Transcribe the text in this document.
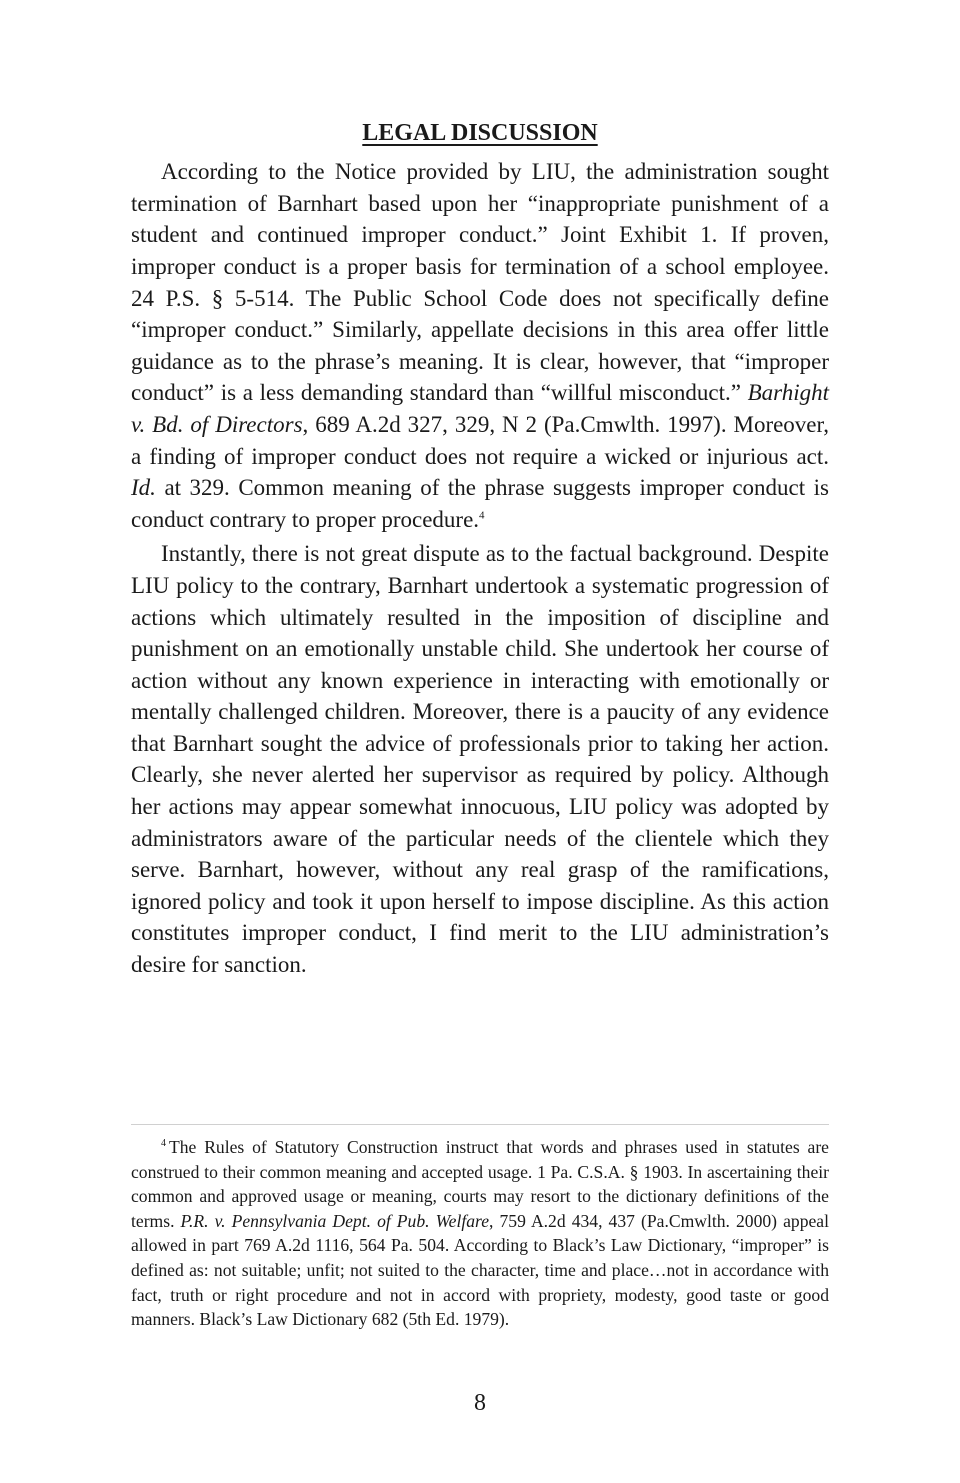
LEGAL DISCUSSION

According to the Notice provided by LIU, the administration sought termination of Barnhart based upon her “inappropriate punishment of a student and continued improper conduct.” Joint Exhibit 1. If proven, improper conduct is a proper basis for termination of a school employee. 24 P.S. § 5-514. The Public School Code does not specifically define “improper conduct.” Similarly, appellate decisions in this area offer little guidance as to the phrase’s meaning. It is clear, however, that “improper conduct” is a less demanding standard than “willful misconduct.” Barhight v. Bd. of Directors, 689 A.2d 327, 329, N 2 (Pa.Cmwlth. 1997). Moreover, a finding of improper conduct does not require a wicked or injurious act. Id. at 329. Common meaning of the phrase suggests improper conduct is conduct contrary to proper procedure.$^4$

Instantly, there is not great dispute as to the factual background. Despite LIU policy to the contrary, Barnhart undertook a systematic progression of actions which ultimately resulted in the imposition of discipline and punishment on an emotionally unstable child. She undertook her course of action without any known experience in interacting with emotionally or mentally challenged children. Moreover, there is a paucity of any evidence that Barnhart sought the advice of professionals prior to taking her action. Clearly, she never alerted her supervisor as required by policy. Although her actions may appear somewhat innocuous, LIU policy was adopted by administrators aware of the particular needs of the clientele which they serve. Barnhart, however, without any real grasp of the ramifications, ignored policy and took it upon herself to impose discipline. As this action constitutes improper conduct, I find merit to the LIU administration’s desire for sanction.

$^4$ The Rules of Statutory Construction instruct that words and phrases used in statutes are construed to their common meaning and accepted usage. 1 Pa. C.S.A. § 1903. In ascertaining their common and approved usage or meaning, courts may resort to the dictionary definitions of the terms. P.R. v. Pennsylvania Dept. of Pub. Welfare, 759 A.2d 434, 437 (Pa.Cmwlth. 2000) appeal allowed in part 769 A.2d 1116, 564 Pa. 504. According to Black’s Law Dictionary, “improper” is defined as: not suitable; unfit; not suited to the character, time and place…not in accordance with fact, truth or right procedure and not in accord with propriety, modesty, good taste or good manners. Black’s Law Dictionary 682 (5th Ed. 1979).

8
